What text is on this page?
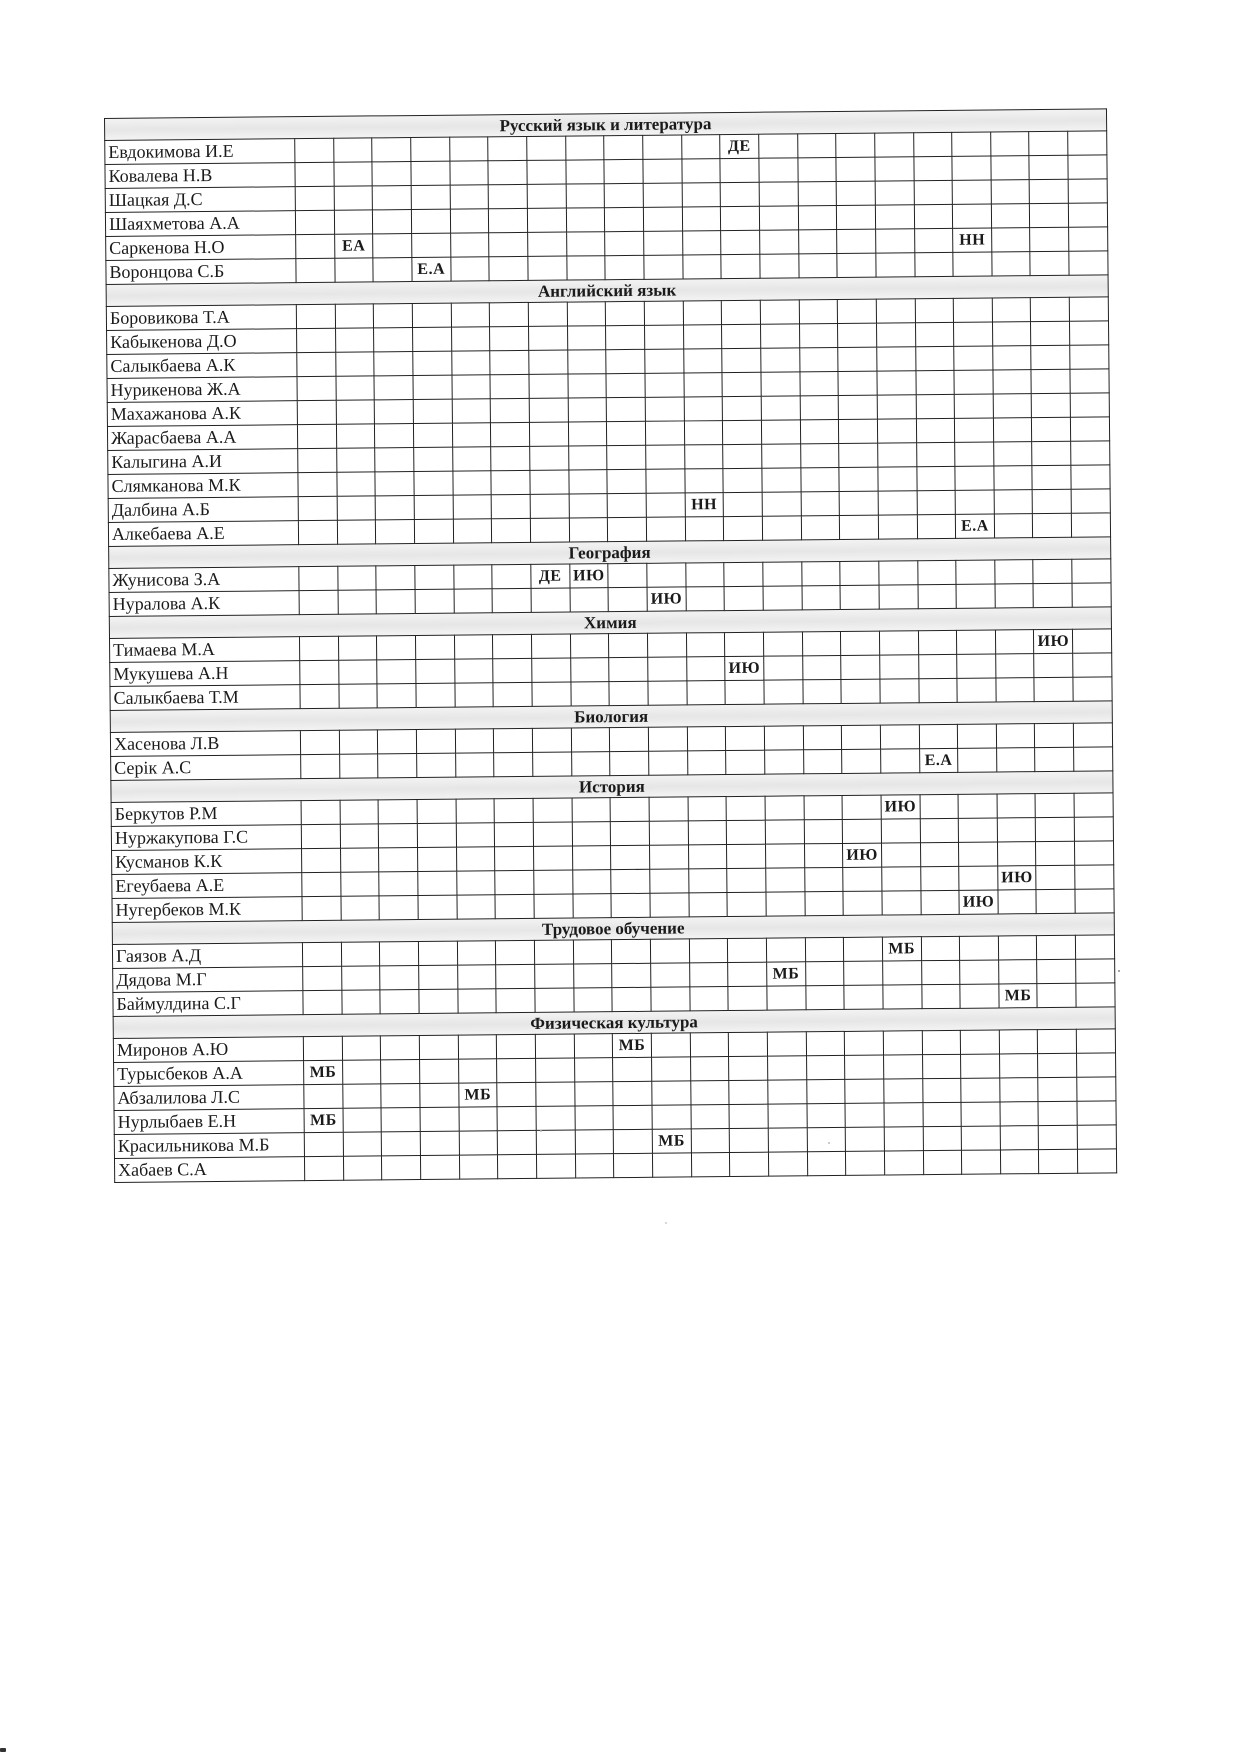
Русский язык и литература																					
Евдокимова И.Е												ДЕ									
Ковалева Н.В																					
Шацкая Д.С																					
Шаяхметова А.А																					
Саркенова Н.О		ЕА																НН			
Воронцова С.Б				Е.А																	
Английский язык																					
Боровикова Т.А																					
Кабыкенова Д.О																					
Салыкбаева А.К																					
Нурикенова Ж.А																					
Махажанова А.К																					
Жарасбаева А.А																					
Калыгина А.И																					
Слямканова М.К																					
Далбина А.Б											НН										
Алкебаева А.Е																		Е.А			
География																					
Жунисова З.А							ДЕ	ИЮ													
Нуралова А.К										ИЮ											
Химия																					
Тимаева М.А																				ИЮ	
Мукушева А.Н												ИЮ									
Салыкбаева Т.М																					
Биология																					
Хасенова Л.В																					
Серік А.С																	Е.А				
История																					
Беркутов Р.М																ИЮ					
Нуржакупова Г.С																					
Кусманов К.К															ИЮ						
Егеубаева А.Е																			ИЮ		
Нугербеков М.К																		ИЮ			
Трудовое обучение																					
Гаязов А.Д																МБ					
Дядова М.Г													МБ								
Баймулдина С.Г																			МБ		
Физическая культура																					
Миронов А.Ю									МБ												
Турысбеков А.А	МБ																				
Абзалилова Л.С					МБ																
Нурлыбаев Е.Н	МБ																				
Красильникова М.Б										МБ											
Хабаев С.А																					
